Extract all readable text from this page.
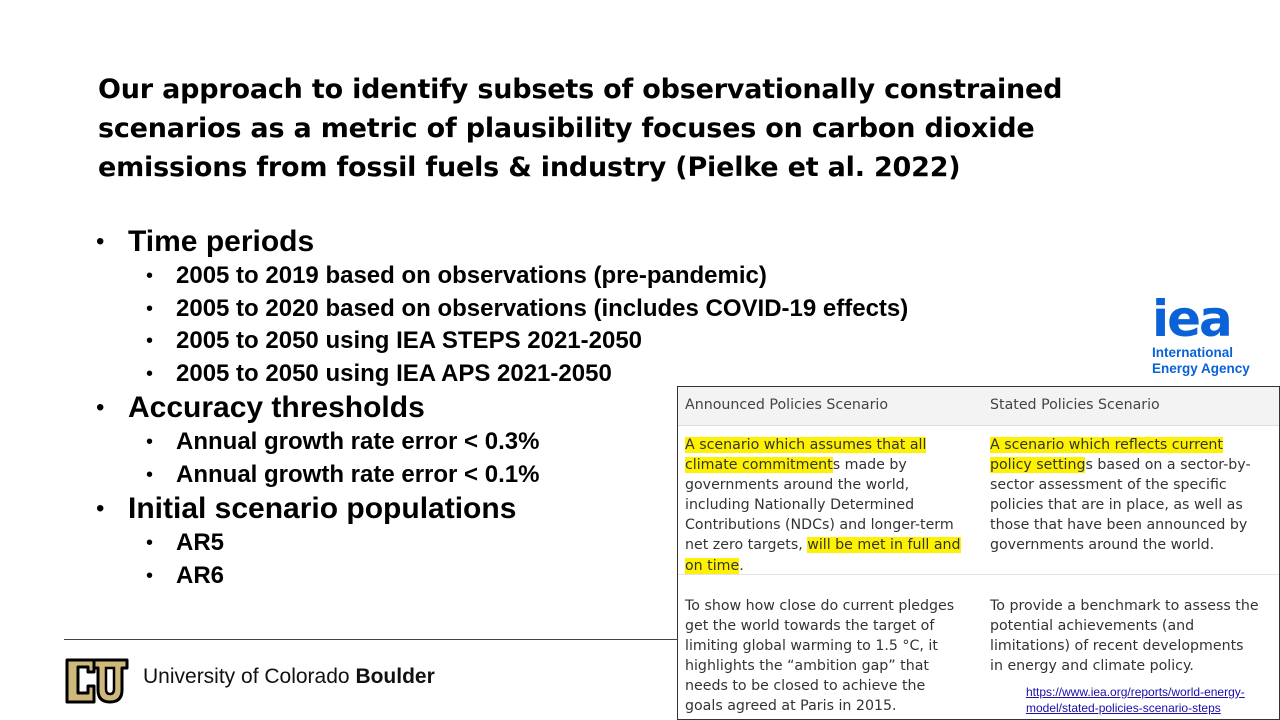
Our approach to identify subsets of observationally constrained
scenarios as a metric of plausibility focuses on carbon dioxide
emissions from fossil fuels & industry (Pielke et al. 2022)
• Time periods
• 2005 to 2019 based on observations (pre-pandemic)
• 2005 to 2020 based on observations (includes COVID-19 effects)
• 2005 to 2050 using IEA STEPS 2021-2050
• 2005 to 2050 using IEA APS 2021-2050
• Accuracy thresholds
• Annual growth rate error < 0.3%
• Annual growth rate error < 0.1%
• Initial scenario populations
• AR5
• AR6
iea
International
Energy Agency
Announced Policies Scenario	Stated Policies Scenario
A scenario which assumes that all
climate commitments made by
governments around the world,
including Nationally Determined
Contributions (NDCs) and longer-term
net zero targets, will be met in full and
on time.
A scenario which reflects current
policy settings based on a sector-by-
sector assessment of the specific
policies that are in place, as well as
those that have been announced by
governments around the world.
To show how close do current pledges
get the world towards the target of
limiting global warming to 1.5 °C, it
highlights the “ambition gap” that
needs to be closed to achieve the
goals agreed at Paris in 2015.
To provide a benchmark to assess the
potential achievements (and
limitations) of recent developments
in energy and climate policy.
https://www.iea.org/reports/world-energy-
model/stated-policies-scenario-steps
University of Colorado Boulder
